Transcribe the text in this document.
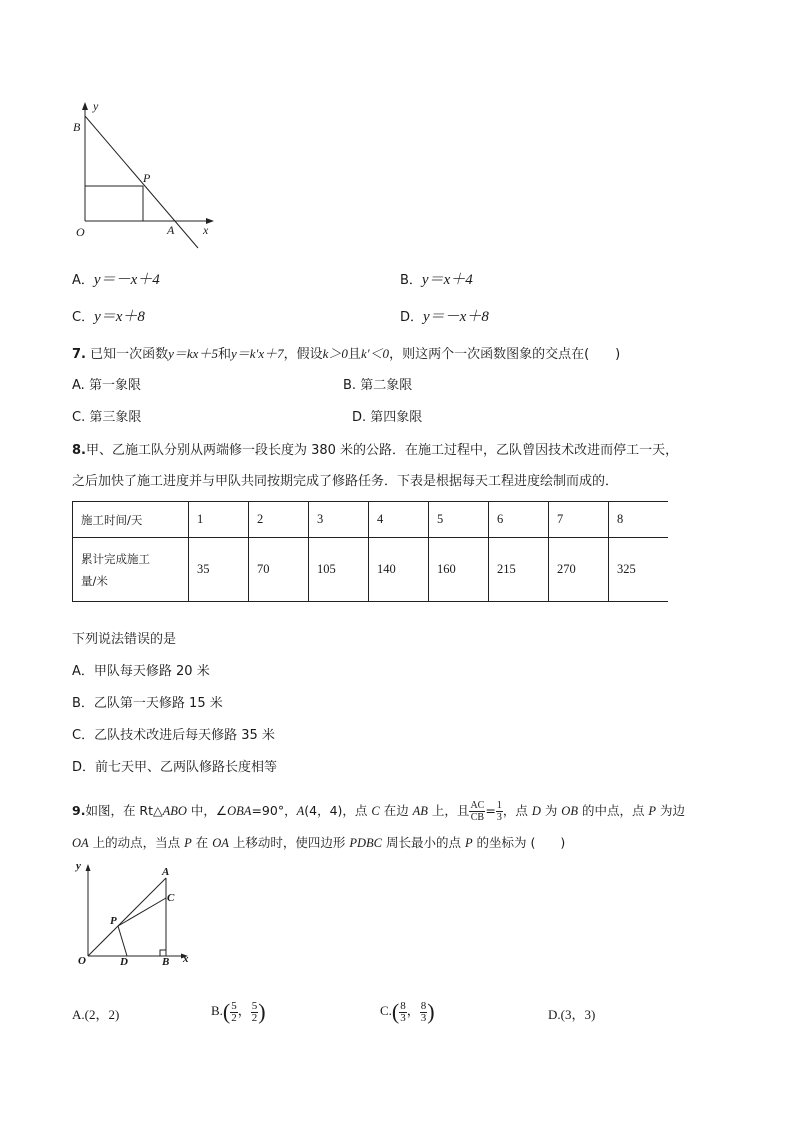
y
B
P
O	A x
A．y＝－x＋4	B．y＝x＋4
C．y＝x＋8	D．y＝－x＋8
7. 已知一次函数y＝kx＋5和y＝k′x＋7，假设k＞0且k′＜0，则这两个一次函数图象的交点在(　　)
A. 第一象限	B. 第二象限
C. 第三象限	D. 第四象限
8.甲、乙施工队分别从两端修一段长度为 380 米的公路．在施工过程中，乙队曾因技术改进而停工一天，
之后加快了施工进度并与甲队共同按期完成了修路任务．下表是根据每天工程进度绘制而成的．
施工时间/天	1	2	3	4	5	6	7	8
累计完成施工
量/米	35	70	105	140	160	215	270	325
下列说法错误的是
A．甲队每天修路 20 米
B．乙队第一天修路 15 米
C．乙队技术改进后每天修路 35 米
D．前七天甲、乙两队修路长度相等
9.如图，在 Rt△ABO 中，∠OBA=90°，A(4，4)，点 C 在边 AB 上，且 $\frac{AC}{CB} = \frac{1}{3}$ ，点 D 为 OB 的中点，点 P 为边
OA 上的动点，当点 P 在 OA 上移动时，使四边形 PDBC 周长最小的点 P 的坐标为 (　　)
y	A
C
P
O	D	B x
A.(2，2)	$B.( \frac{5}{2}$ ， $\frac{5}{2}$ )	$C.( \frac{8}{3}$ ， $\frac{8}{3}$ )	D.(3，3)
